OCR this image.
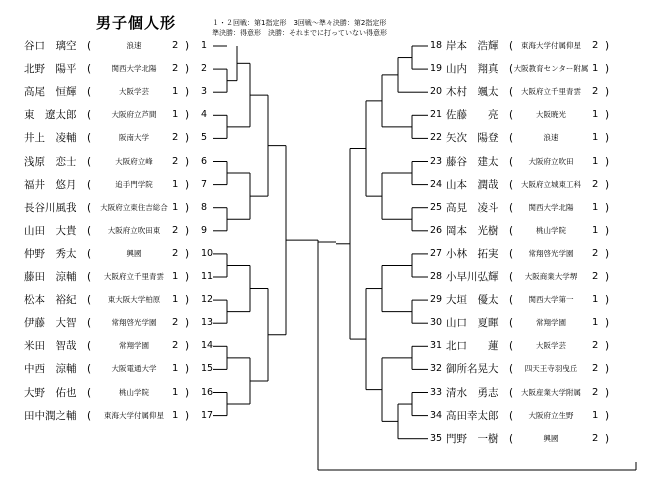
男子個人形	１・２回戦：第1指定形　3回戦～準々決勝：第2指定形
準決勝：得意形　決勝：それまでに打っていない得意形
谷口　璃空 (	浪速	2 ) 1
北野　陽平 (	関西大学北陽	2 ) 2
高尾　恒輝 (	大阪学芸	1 ) 3
東　遼太郎 (	大阪府立芦間	1 ) 4
井上　凌輔 (	阪南大学	2 ) 5
浅原　恋士 (	大阪府立峰	2 ) 6
福井　悠月 (	追手門学院	1 ) 7
長谷川風我 (	大阪府立東住吉総合 1 ) 8
山田　大貴 (	大阪府立吹田東	2 ) 9
仲野　秀太 (	興國	2 ) 10
藤田　涼輔 (	大阪府立千里青雲 1 ) 11
松本　裕紀 (	東大阪大学柏原	1 ) 12
伊藤　大智 (	常翔啓光学園	2 ) 13
米田　智哉 (	常翔学園	2 ) 14
中西　涼輔 (	大阪電通大学	1 ) 15
大野　佑也 (	桃山学院	1 ) 16
田中潤之輔 (	東海大学付属仰星 1 ) 17
18 岸本　浩輝 (	東海大学付属仰星	2 )
19 山内　翔真 ( 大阪教育センター附属 1 )
20 木村　颯太 (	大阪府立千里青雲	2 )
21 佐藤　　亮 (	大阪暁光	1 )
22 矢次　陽登 (	浪速	1 )
23 藤谷　建太 (	大阪府立吹田	1 )
24 山本　潤哉 (	大阪府立城東工科	2 )
25 高見　凌斗 (	関西大学北陽	1 )
26 岡本　光樹 (	桃山学院	1 )
27 小林　拓実 (	常翔啓光学園	2 )
28 小早川弘輝 (	大阪商業大学堺	2 )
29 大垣　優太 (	関西大学第一	1 )
30 山口　夏暉 (	常翔学園	1 )
31 北口　　蓮 (	大阪学芸	2 )
32 御所名晃大 (	四天王寺羽曳丘	2 )
33 清水　勇志 (	大阪産業大学附属	2 )
34 高田幸太郎 (	大阪府立生野	1 )
35 門野　一樹 (	興國	2 )
